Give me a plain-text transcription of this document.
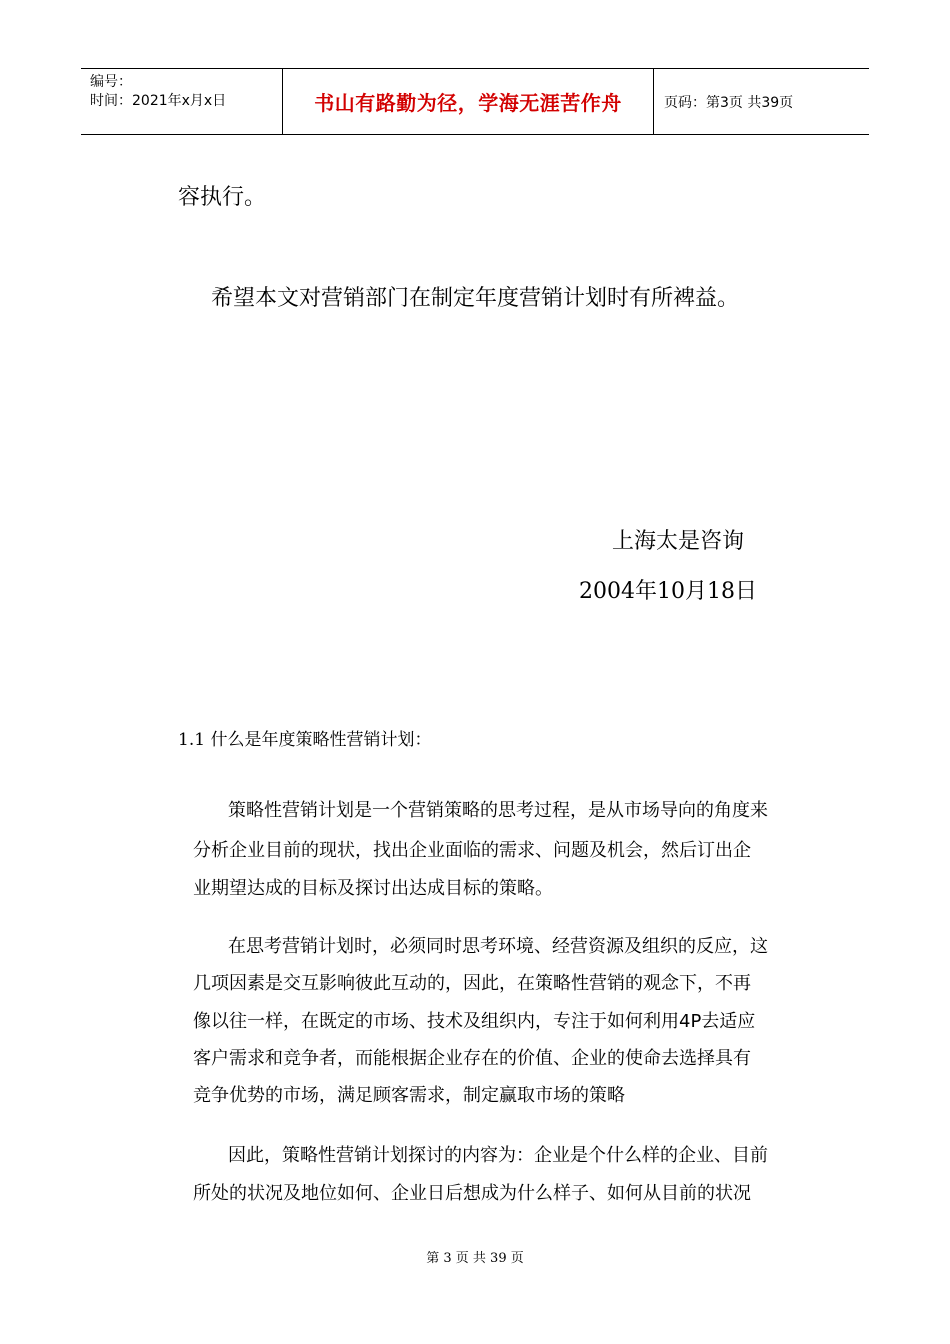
编号：
时间：2021年x月x日	书山有路勤为径，学海无涯苦作舟	页码：第3页 共39页
容执行。
希望本文对营销部门在制定年度营销计划时有所裨益。
上海太是咨询
2004年10月18日
1.1 什么是年度策略性营销计划：
策略性营销计划是一个营销策略的思考过程，是从市场导向的角度来
分析企业目前的现状，找出企业面临的需求、问题及机会，然后订出企
业期望达成的目标及探讨出达成目标的策略。
在思考营销计划时，必须同时思考环境、经营资源及组织的反应，这
几项因素是交互影响彼此互动的，因此，在策略性营销的观念下，不再
像以往一样，在既定的市场、技术及组织内，专注于如何利用4P去适应
客户需求和竞争者，而能根据企业存在的价值、企业的使命去选择具有
竞争优势的市场，满足顾客需求，制定赢取市场的策略
因此，策略性营销计划探讨的内容为：企业是个什么样的企业、目前
所处的状况及地位如何、企业日后想成为什么样子、如何从目前的状况
第 3 页 共 39 页
